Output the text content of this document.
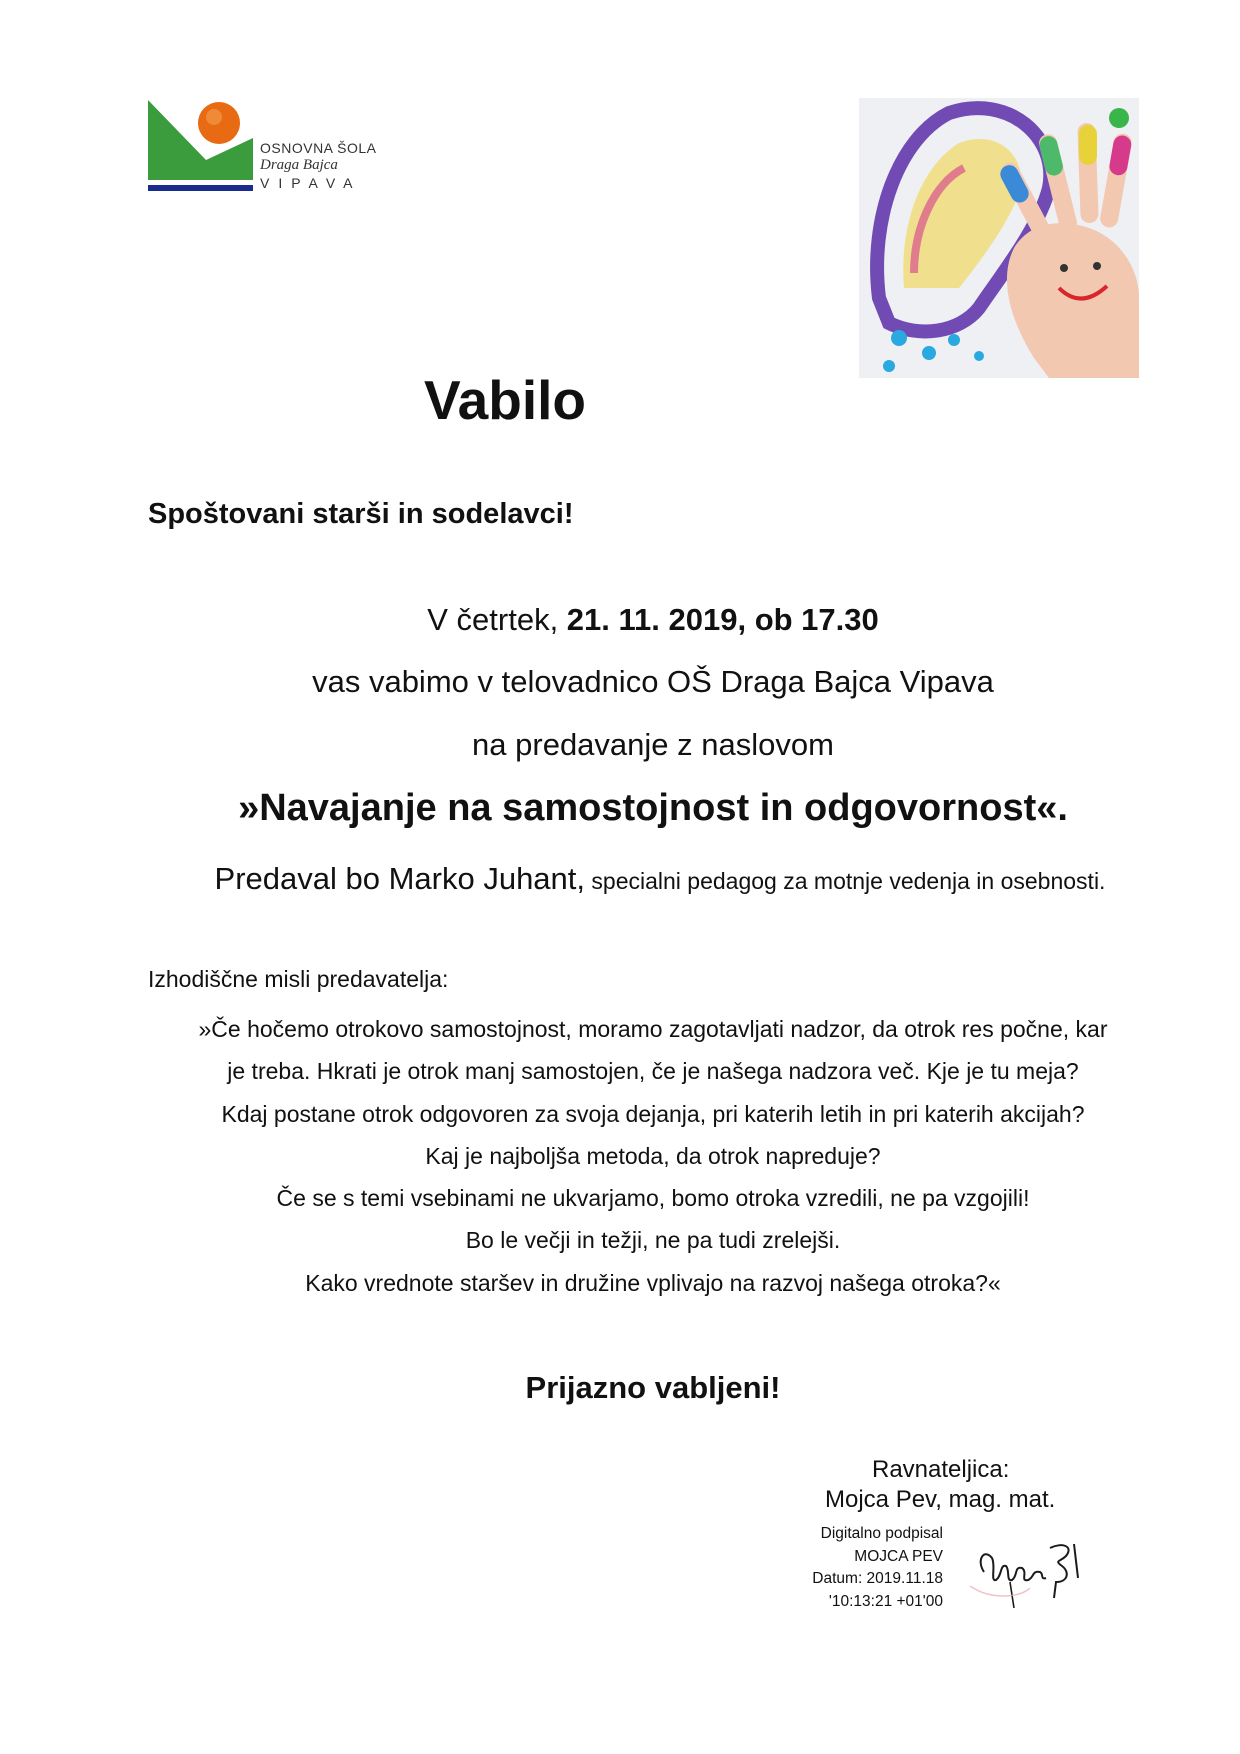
OSNOVNA ŠOLA
Draga Bajca
VIPAVA
Vabilo
Spoštovani starši in sodelavci!
V četrtek, 21. 11. 2019, ob 17.30
vas vabimo v telovadnico OŠ Draga Bajca Vipava
na predavanje z naslovom
»Navajanje na samostojnost in odgovornost«.
Predaval bo Marko Juhant, specialni pedagog za motnje vedenja in osebnosti.
Izhodiščne misli predavatelja:
»Če hočemo otrokovo samostojnost, moramo zagotavljati nadzor, da otrok res počne, kar
je treba. Hkrati je otrok manj samostojen, če je našega nadzora več. Kje je tu meja?
Kdaj postane otrok odgovoren za svoja dejanja, pri katerih letih in pri katerih akcijah?
Kaj je najboljša metoda, da otrok napreduje?
Če se s temi vsebinami ne ukvarjamo, bomo otroka vzredili, ne pa vzgojili!
Bo le večji in težji, ne pa tudi zrelejši.
Kako vrednote staršev in družine vplivajo na razvoj našega otroka?«
Prijazno vabljeni!
Ravnateljica:
Mojca Pev, mag. mat.
Digitalno podpisal
MOJCA PEV
Datum: 2019.11.18
'10:13:21 +01'00
